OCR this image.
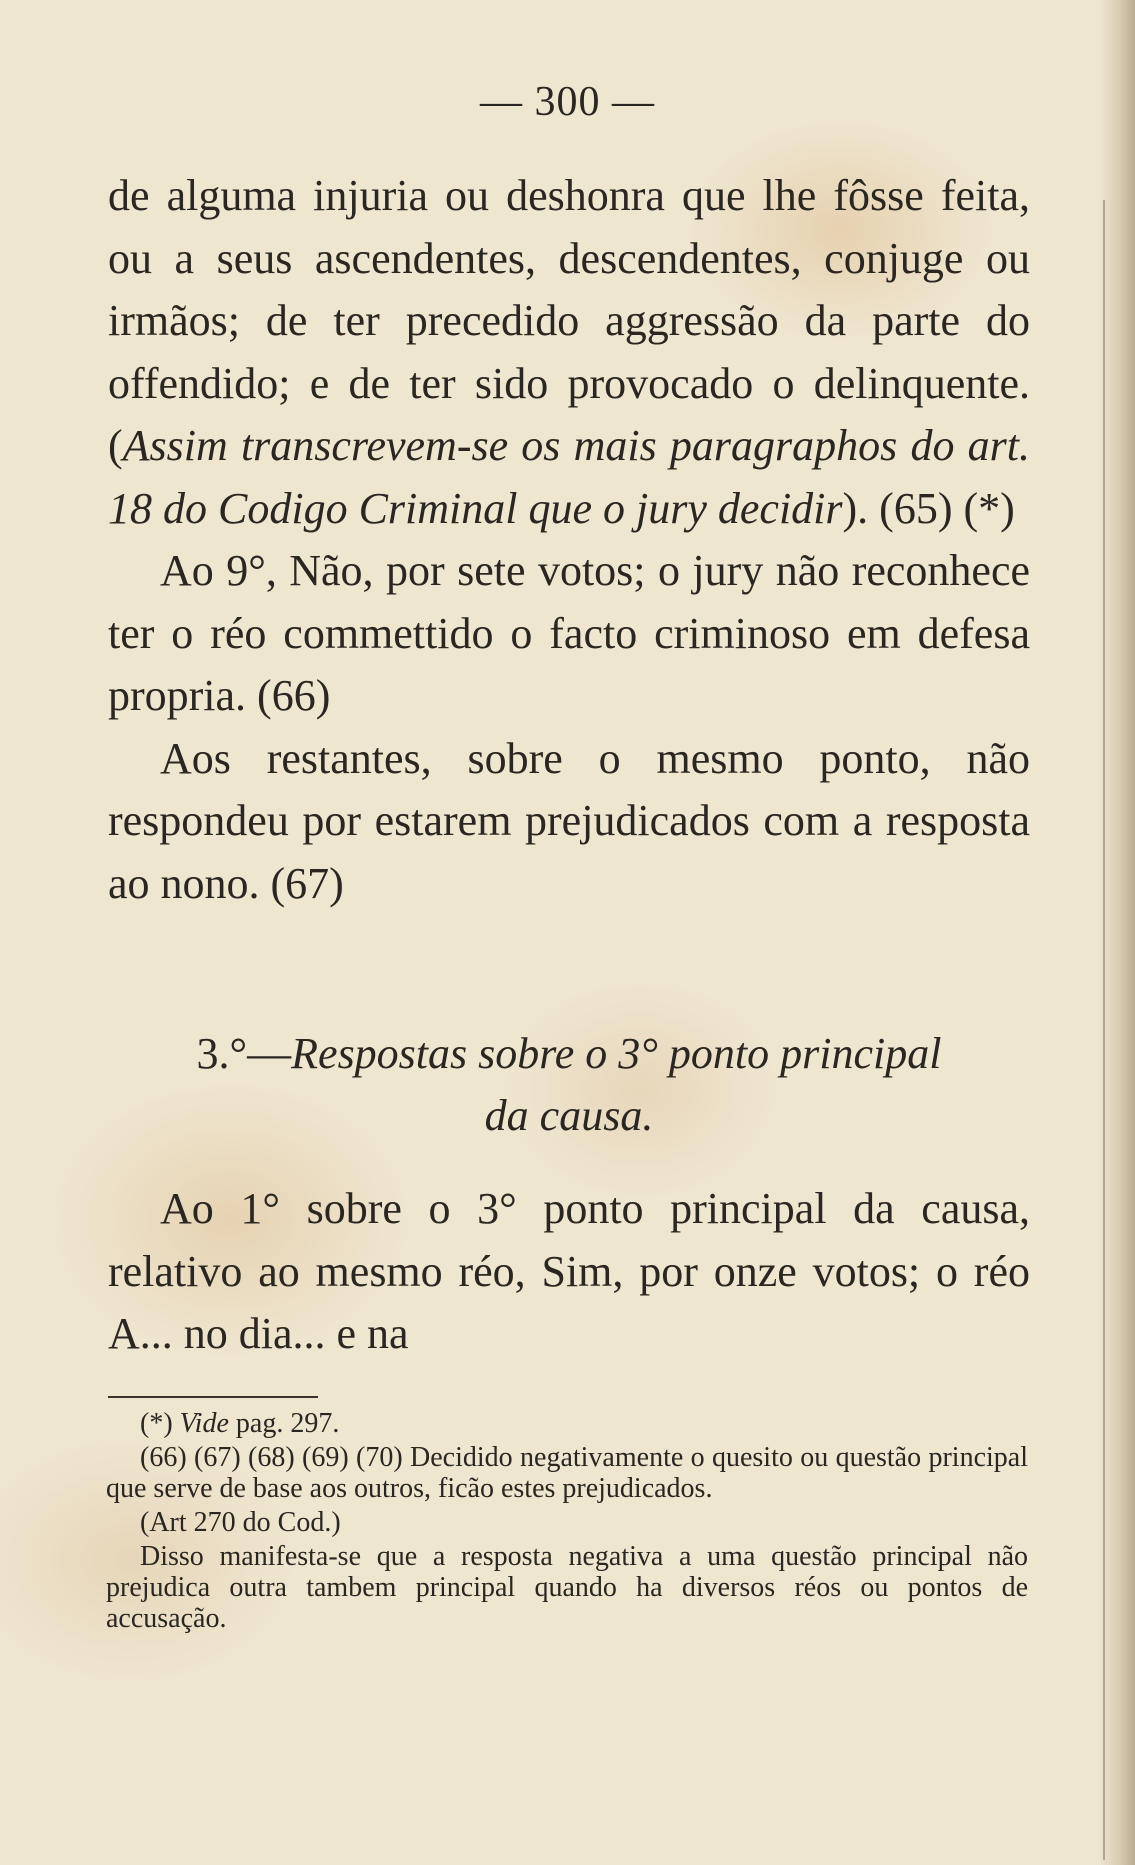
— 300 —

de alguma injuria ou deshonra que lhe fôsse feita, ou a seus ascendentes, descendentes, conjuge ou irmãos; de ter precedido aggressão da parte do offendido; e de ter sido provocado o delinquente. (Assim transcrevem-se os mais paragraphos do art. 18 do Codigo Criminal que o jury decidir). (65) (*)

Ao 9°, Não, por sete votos; o jury não reconhece ter o réo commettido o facto criminoso em defesa propria. (66)

Aos restantes, sobre o mesmo ponto, não respondeu por estarem prejudicados com a resposta ao nono. (67)

3.°—Respostas sobre o 3° ponto principal
da causa.

Ao 1° sobre o 3° ponto principal da causa, relativo ao mesmo réo, Sim, por onze votos; o réo A... no dia... e na

(*) Vide pag. 297.

(66) (67) (68) (69) (70) Decidido negativamente o quesito ou questão principal que serve de base aos outros, ficão estes prejudicados.

(Art 270 do Cod.)

Disso manifesta-se que a resposta negativa a uma questão principal não prejudica outra tambem principal quando ha diversos réos ou pontos de accusação.
